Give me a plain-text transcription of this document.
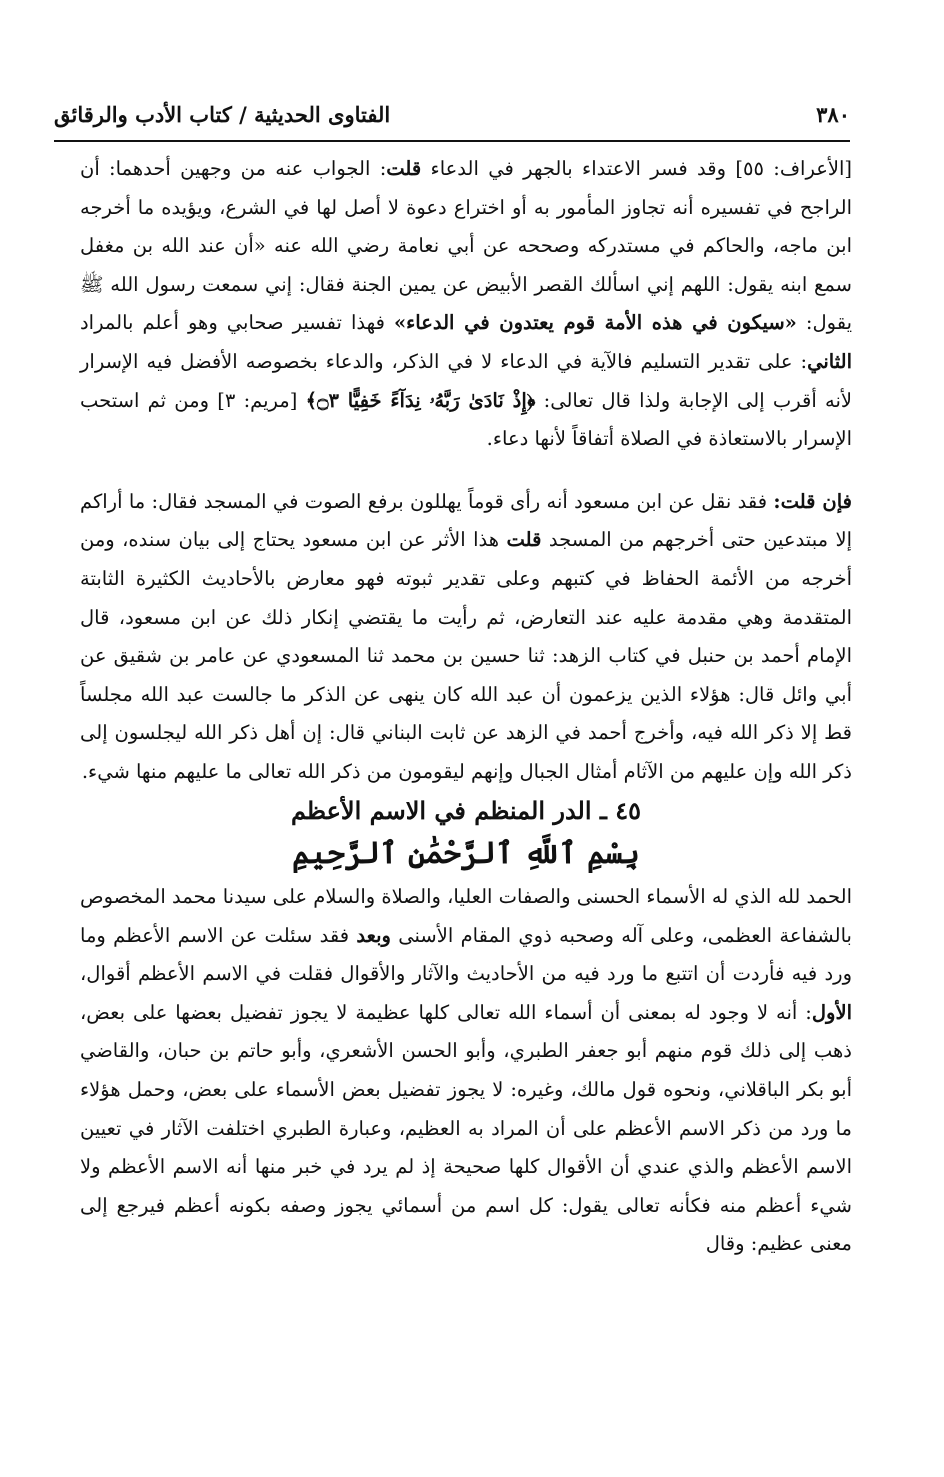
٣٨٠
الفتاوى الحديثية / كتاب الأدب والرقائق

[الأعراف: ٥٥] وقد فسر الاعتداء بالجهر في الدعاء قلت: الجواب عنه من وجهين أحدهما: أن الراجح في تفسيره أنه تجاوز المأمور به أو اختراع دعوة لا أصل لها في الشرع، ويؤيده ما أخرجه ابن ماجه، والحاكم في مستدركه وصححه عن أبي نعامة رضي الله عنه «أن عند الله بن مغفل سمع ابنه يقول: اللهم إني اسألك القصر الأبيض عن يمين الجنة فقال: إني سمعت رسول الله ﷺ يقول: «سيكون في هذه الأمة قوم يعتدون في الدعاء» فهذا تفسير صحابي وهو أعلم بالمراد الثاني: على تقدير التسليم فالآية في الدعاء لا في الذكر، والدعاء بخصوصه الأفضل فيه الإسرار لأنه أقرب إلى الإجابة ولذا قال تعالى: ﴿إِذْ نَادَىٰ رَبَّهُۥ نِدَآءً خَفِيًّا ۝٣﴾ [مريم: ٣] ومن ثم استحب الإسرار بالاستعاذة في الصلاة أتفاقاً لأنها دعاء.

فإن قلت: فقد نقل عن ابن مسعود أنه رأى قوماً يهللون برفع الصوت في المسجد فقال: ما أراكم إلا مبتدعين حتى أخرجهم من المسجد قلت هذا الأثر عن ابن مسعود يحتاج إلى بيان سنده، ومن أخرجه من الأئمة الحفاظ في كتبهم وعلى تقدير ثبوته فهو معارض بالأحاديث الكثيرة الثابتة المتقدمة وهي مقدمة عليه عند التعارض، ثم رأيت ما يقتضي إنكار ذلك عن ابن مسعود، قال الإمام أحمد بن حنبل في كتاب الزهد: ثنا حسين بن محمد ثنا المسعودي عن عامر بن شقيق عن أبي وائل قال: هؤلاء الذين يزعمون أن عبد الله كان ينهى عن الذكر ما جالست عبد الله مجلساً قط إلا ذكر الله فيه، وأخرج أحمد في الزهد عن ثابت البناني قال: إن أهل ذكر الله ليجلسون إلى ذكر الله وإن عليهم من الآثام أمثال الجبال وإنهم ليقومون من ذكر الله تعالى ما عليهم منها شيء.

٤٥ ـ الدر المنظم في الاسم الأعظم

بِسْمِ ٱللَّهِ ٱلرَّحْمَٰنِ ٱلرَّحِيمِ

الحمد لله الذي له الأسماء الحسنى والصفات العليا، والصلاة والسلام على سيدنا محمد المخصوص بالشفاعة العظمى، وعلى آله وصحبه ذوي المقام الأسنى وبعد فقد سئلت عن الاسم الأعظم وما ورد فيه فأردت أن اتتبع ما ورد فيه من الأحاديث والآثار والأقوال فقلت في الاسم الأعظم أقوال، الأول: أنه لا وجود له بمعنى أن أسماء الله تعالى كلها عظيمة لا يجوز تفضيل بعضها على بعض، ذهب إلى ذلك قوم منهم أبو جعفر الطبري، وأبو الحسن الأشعري، وأبو حاتم بن حبان، والقاضي أبو بكر الباقلاني، ونحوه قول مالك، وغيره: لا يجوز تفضيل بعض الأسماء على بعض، وحمل هؤلاء ما ورد من ذكر الاسم الأعظم على أن المراد به العظيم، وعبارة الطبري اختلفت الآثار في تعيين الاسم الأعظم والذي عندي أن الأقوال كلها صحيحة إذ لم يرد في خبر منها أنه الاسم الأعظم ولا شيء أعظم منه فكأنه تعالى يقول: كل اسم من أسمائي يجوز وصفه بكونه أعظم فيرجع إلى معنى عظيم: وقال
